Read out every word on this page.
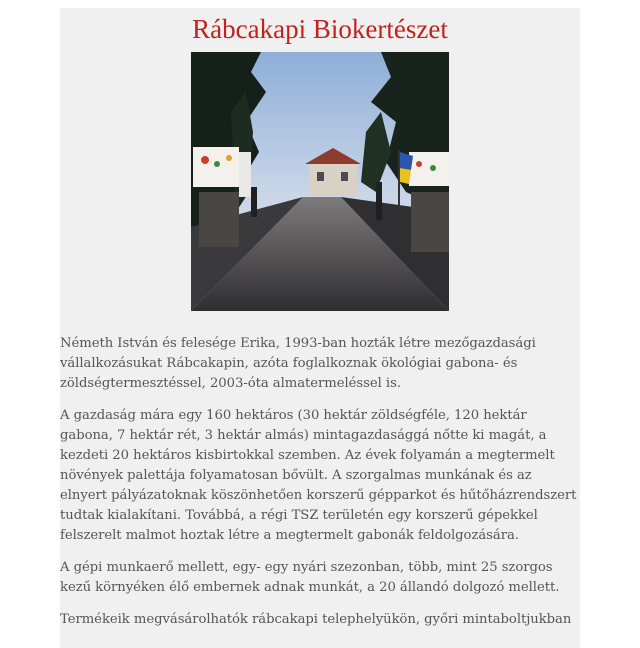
Rábcakapi Biokertészet

Németh István és felesége Erika, 1993-ban hozták létre mezőgazdasági vállalkozásukat Rábcakapin, azóta foglalkoznak ökológiai gabona- és zöldségtermesztéssel, 2003-óta almatermeléssel is.

A gazdaság mára egy 160 hektáros (30 hektár zöldségféle, 120 hektár gabona, 7 hektár rét, 3 hektár almás) mintagazdasággá nőtte ki magát, a kezdeti 20 hektáros kisbirtokkal szemben. Az évek folyamán a megtermelt növények palettája folyamatosan bővült. A szorgalmas munkának és az elnyert pályázatoknak köszönhetően korszerű gépparkot és hűtőházrendszert tudtak kialakítani. Továbbá, a régi TSZ területén egy korszerű gépekkel felszerelt malmot hoztak létre a megtermelt gabonák feldolgozására.

A gépi munkaerő mellett, egy- egy nyári szezonban, több, mint 25 szorgos kezű környéken élő embernek adnak munkát, a 20 állandó dolgozó mellett.

Termékeik megvásárolhatók rábcakapi telephelyükön, győri mintaboltjukban
